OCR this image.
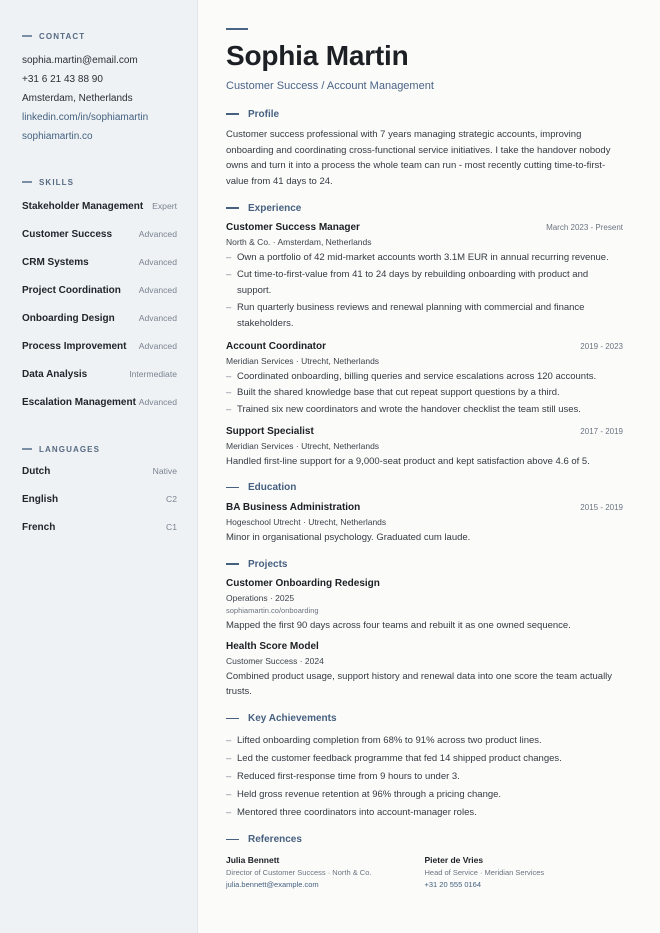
CONTACT
sophia.martin@email.com
+31 6 21 43 88 90
Amsterdam, Netherlands
linkedin.com/in/sophiamartin
sophiamartin.co
SKILLS
Stakeholder Management Expert
Customer Success	Advanced
CRM Systems	Advanced
Project Coordination Advanced
Onboarding Design	Advanced
Process Improvement Advanced
Data Analysis	Intermediate
Escalation Management Advanced
LANGUAGES
Dutch	Native
English	C2
French	C1
Sophia Martin
Customer Success / Account Management
Profile

Customer success professional with 7 years managing strategic accounts, improving onboarding and coordinating cross-functional service initiatives. I take the handover nobody owns and turn it into a process the whole team can run - most recently cutting time-to-first-value from 41 days to 24.

Experience
Customer Success Manager	March 2023 - Present
North & Co. · Amsterdam, Netherlands
– Own a portfolio of 42 mid-market accounts worth 3.1M EUR in annual recurring revenue.
– Cut time-to-first-value from 41 to 24 days by rebuilding onboarding with product and support.
– Run quarterly business reviews and renewal planning with commercial and finance stakeholders.
Account Coordinator	2019 - 2023
Meridian Services · Utrecht, Netherlands
– Coordinated onboarding, billing queries and service escalations across 120 accounts.
– Built the shared knowledge base that cut repeat support questions by a third.
– Trained six new coordinators and wrote the handover checklist the team still uses.
Support Specialist	2017 - 2019
Meridian Services · Utrecht, Netherlands

Handled first-line support for a 9,000-seat product and kept satisfaction above 4.6 of 5.

Education
BA Business Administration	2015 - 2019
Hogeschool Utrecht · Utrecht, Netherlands

Minor in organisational psychology. Graduated cum laude.

Projects
Customer Onboarding Redesign
Operations · 2025
sophiamartin.co/onboarding

Mapped the first 90 days across four teams and rebuilt it as one owned sequence.

Health Score Model
Customer Success · 2024

Combined product usage, support history and renewal data into one score the team actually trusts.

Key Achievements
– Lifted onboarding completion from 68% to 91% across two product lines.
– Led the customer feedback programme that fed 14 shipped product changes.
– Reduced first-response time from 9 hours to under 3.
– Held gross revenue retention at 96% through a pricing change.
– Mentored three coordinators into account-manager roles.
References
Julia Bennett
Director of Customer Success · North & Co.
julia.bennett@example.com
Pieter de Vries
Head of Service · Meridian Services
+31 20 555 0164
